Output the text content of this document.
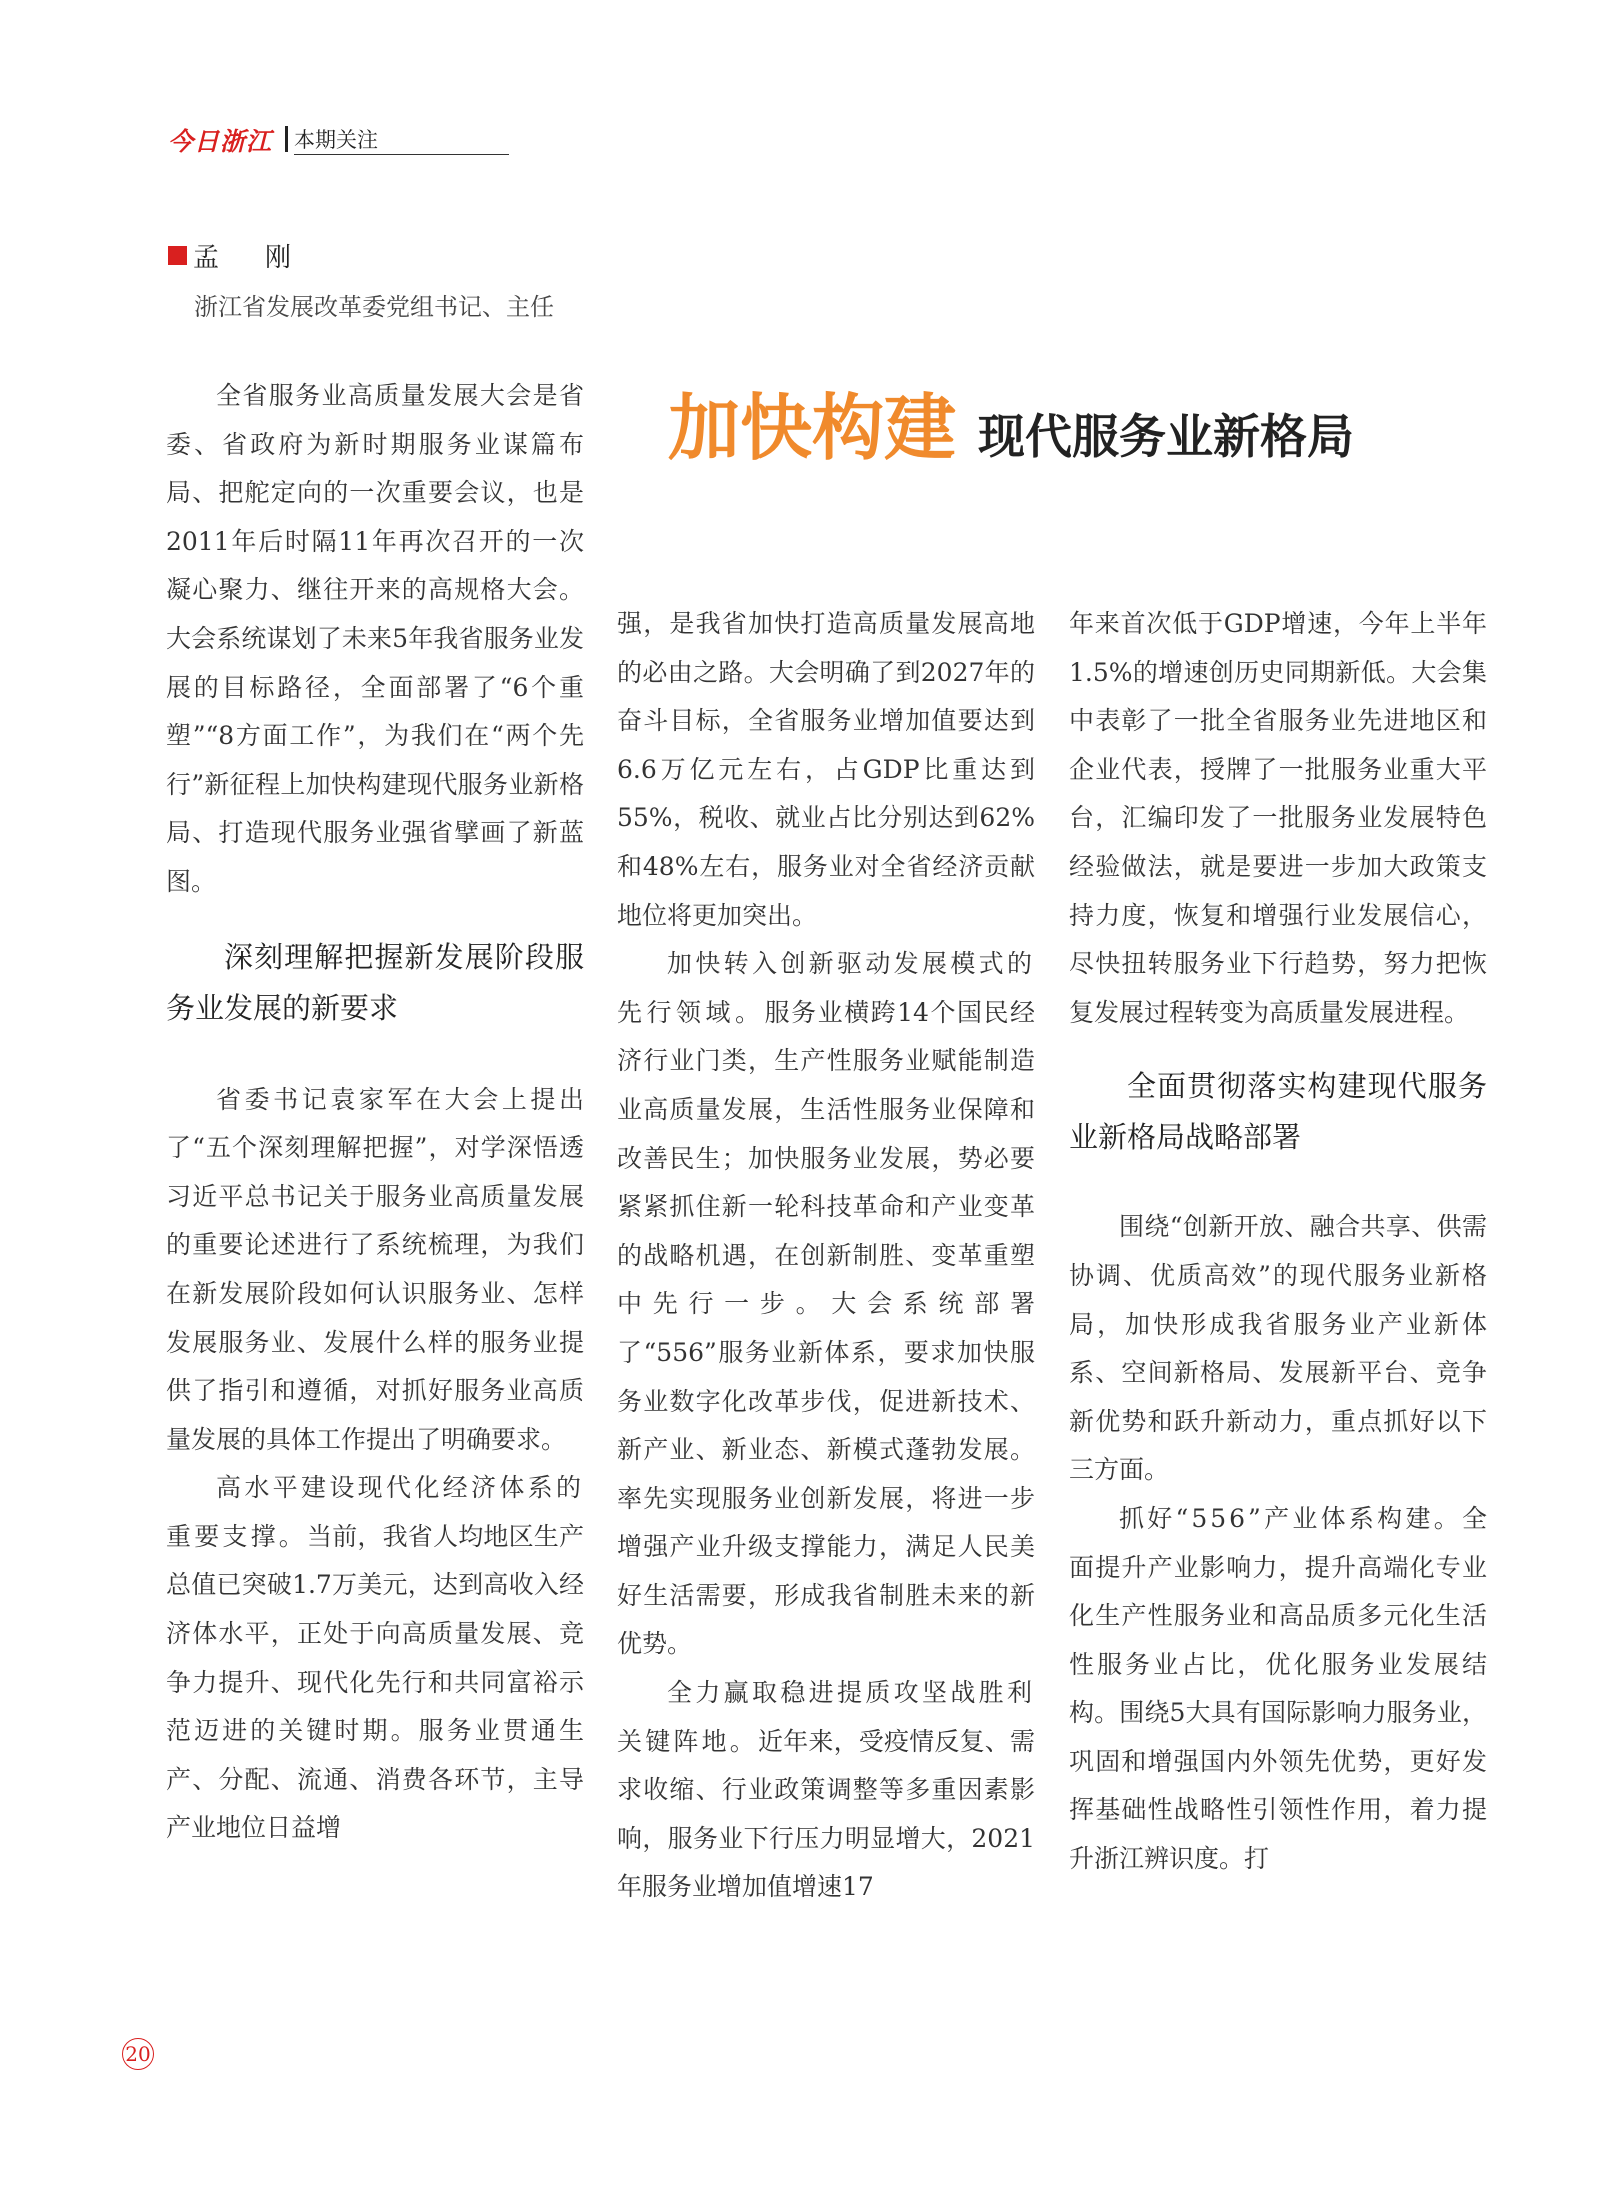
今日浙江 本期关注
孟　刚
浙江省发展改革委党组书记、主任
加快构建 现代服务业新格局

全省服务业高质量发展大会是省委、省政府为新时期服务业谋篇布局、把舵定向的一次重要会议，也是2011年后时隔11年再次召开的一次凝心聚力、继往开来的高规格大会。大会系统谋划了未来5年我省服务业发展的目标路径，全面部署了“6个重塑”“8方面工作”，为我们在“两个先行”新征程上加快构建现代服务业新格局、打造现代服务业强省擘画了新蓝图。

深刻理解把握新发展阶段服务业发展的新要求

省委书记袁家军在大会上提出了“五个深刻理解把握”，对学深悟透习近平总书记关于服务业高质量发展的重要论述进行了系统梳理，为我们在新发展阶段如何认识服务业、怎样发展服务业、发展什么样的服务业提供了指引和遵循，对抓好服务业高质量发展的具体工作提出了明确要求。

高水平建设现代化经济体系的重要支撑。当前，我省人均地区生产总值已突破1.7万美元，达到高收入经济体水平，正处于向高质量发展、竞争力提升、现代化先行和共同富裕示范迈进的关键时期。服务业贯通生产、分配、流通、消费各环节，主导产业地位日益增

强，是我省加快打造高质量发展高地的必由之路。大会明确了到2027年的奋斗目标，全省服务业增加值要达到6.6万亿元左右，占GDP比重达到55%，税收、就业占比分别达到62%和48%左右，服务业对全省经济贡献地位将更加突出。

加快转入创新驱动发展模式的先行领域。服务业横跨14个国民经济行业门类，生产性服务业赋能制造业高质量发展，生活性服务业保障和改善民生；加快服务业发展，势必要紧紧抓住新一轮科技革命和产业变革的战略机遇，在创新制胜、变革重塑中先行一步。大会系统部署了“556”服务业新体系，要求加快服务业数字化改革步伐，促进新技术、新产业、新业态、新模式蓬勃发展。率先实现服务业创新发展，将进一步增强产业升级支撑能力，满足人民美好生活需要，形成我省制胜未来的新优势。

全力赢取稳进提质攻坚战胜利关键阵地。近年来，受疫情反复、需求收缩、行业政策调整等多重因素影响，服务业下行压力明显增大，2021年服务业增加值增速17

年来首次低于GDP增速，今年上半年1.5%的增速创历史同期新低。大会集中表彰了一批全省服务业先进地区和企业代表，授牌了一批服务业重大平台，汇编印发了一批服务业发展特色经验做法，就是要进一步加大政策支持力度，恢复和增强行业发展信心，尽快扭转服务业下行趋势，努力把恢复发展过程转变为高质量发展进程。

全面贯彻落实构建现代服务业新格局战略部署

围绕“创新开放、融合共享、供需协调、优质高效”的现代服务业新格局，加快形成我省服务业产业新体系、空间新格局、发展新平台、竞争新优势和跃升新动力，重点抓好以下三方面。

抓好“556”产业体系构建。全面提升产业影响力，提升高端化专业化生产性服务业和高品质多元化生活性服务业占比，优化服务业发展结构。围绕5大具有国际影响力服务业，巩固和增强国内外领先优势，更好发挥基础性战略性引领性作用，着力提升浙江辨识度。打

20
